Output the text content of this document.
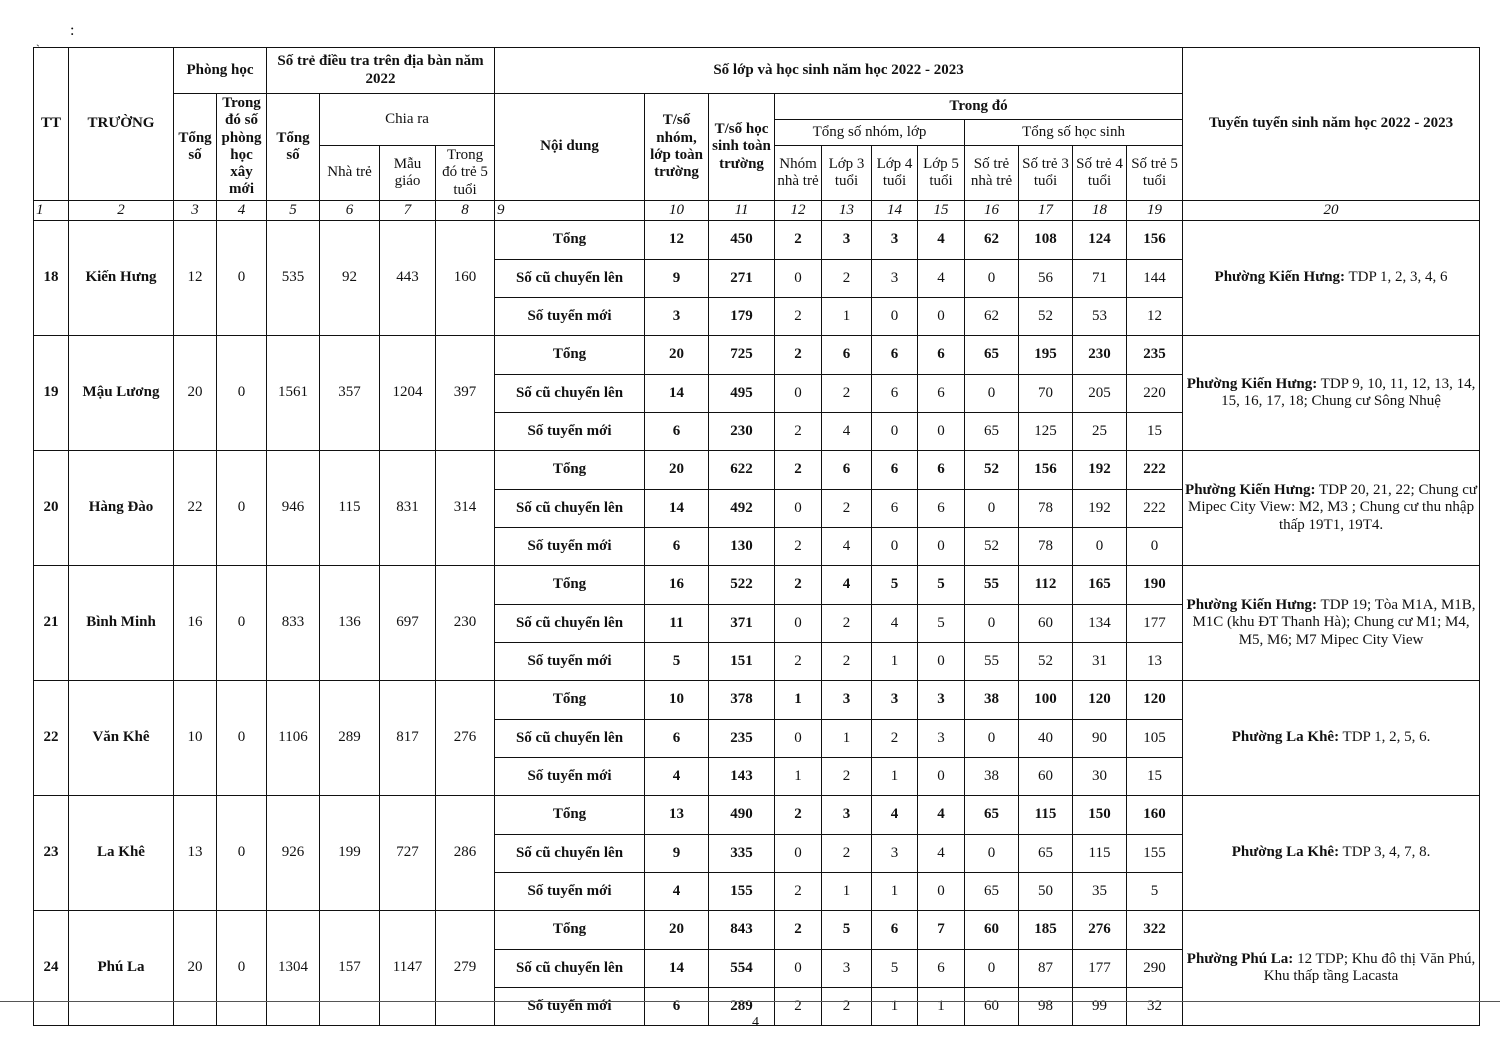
:
`
TT	TRƯỜNG	Phòng học		Số trẻ điều tra trên địa bàn năm 2022				Số lớp và học sinh năm học 2022 - 2023											Tuyến tuyển sinh năm học 2022 - 2023
		Tổng số	Trong đó số phòng học xây mới	Tổng số	Chia ra			Nội dung	T/số nhóm, lớp toàn trường	T/số học sinh toàn trường	Trong đó								
											Tổng số nhóm, lớp				Tổng số học sinh				
					Nhà trẻ	Mẫu giáo	Trong đó trẻ 5 tuổi				Nhóm nhà trẻ	Lớp 3 tuổi	Lớp 4 tuổi	Lớp 5 tuổi	Số trẻ nhà trẻ	Số trẻ 3 tuổi	Số trẻ 4 tuổi	Số trẻ 5 tuổi	
1	2	3	4	5	6	7	8	9	10	11	12	13	14	15	16	17	18	19	20
18	Kiến Hưng	12	0	535	92	443	160	Tổng	12	450	2	3	3	4	62	108	124	156	Phường Kiến Hưng: TDP 1, 2, 3, 4, 6
								Số cũ chuyển lên	9	271	0	2	3	4	0	56	71	144	
								Số tuyển mới	3	179	2	1	0	0	62	52	53	12	
19	Mậu Lương	20	0	1561	357	1204	397	Tổng	20	725	2	6	6	6	65	195	230	235	Phường Kiến Hưng: TDP 9, 10, 11, 12, 13, 14, 15, 16, 17, 18; Chung cư Sông Nhuệ
								Số cũ chuyển lên	14	495	0	2	6	6	0	70	205	220	
								Số tuyển mới	6	230	2	4	0	0	65	125	25	15	
20	Hàng Đào	22	0	946	115	831	314	Tổng	20	622	2	6	6	6	52	156	192	222	Phường Kiến Hưng: TDP 20, 21, 22; Chung cư Mipec City View: M2, M3 ; Chung cư thu nhập thấp 19T1, 19T4.
								Số cũ chuyển lên	14	492	0	2	6	6	0	78	192	222	
								Số tuyển mới	6	130	2	4	0	0	52	78	0	0	
21	Bình Minh	16	0	833	136	697	230	Tổng	16	522	2	4	5	5	55	112	165	190	Phường Kiến Hưng: TDP 19; Tòa M1A, M1B, M1C (khu ĐT Thanh Hà); Chung cư M1; M4, M5, M6; M7 Mipec City View
								Số cũ chuyển lên	11	371	0	2	4	5	0	60	134	177	
								Số tuyển mới	5	151	2	2	1	0	55	52	31	13	
22	Văn Khê	10	0	1106	289	817	276	Tổng	10	378	1	3	3	3	38	100	120	120	Phường La Khê: TDP 1, 2, 5, 6.
								Số cũ chuyển lên	6	235	0	1	2	3	0	40	90	105	
								Số tuyển mới	4	143	1	2	1	0	38	60	30	15	
23	La Khê	13	0	926	199	727	286	Tổng	13	490	2	3	4	4	65	115	150	160	Phường La Khê: TDP 3, 4, 7, 8.
								Số cũ chuyển lên	9	335	0	2	3	4	0	65	115	155	
								Số tuyển mới	4	155	2	1	1	0	65	50	35	5	
24	Phú La	20	0	1304	157	1147	279	Tổng	20	843	2	5	6	7	60	185	276	322	Phường Phú La: 12 TDP; Khu đô thị Văn Phú, Khu thấp tầng Lacasta
								Số cũ chuyển lên	14	554	0	3	5	6	0	87	177	290	
								Số tuyển mới	6	289	2	2	1	1	60	98	99	32	
4
